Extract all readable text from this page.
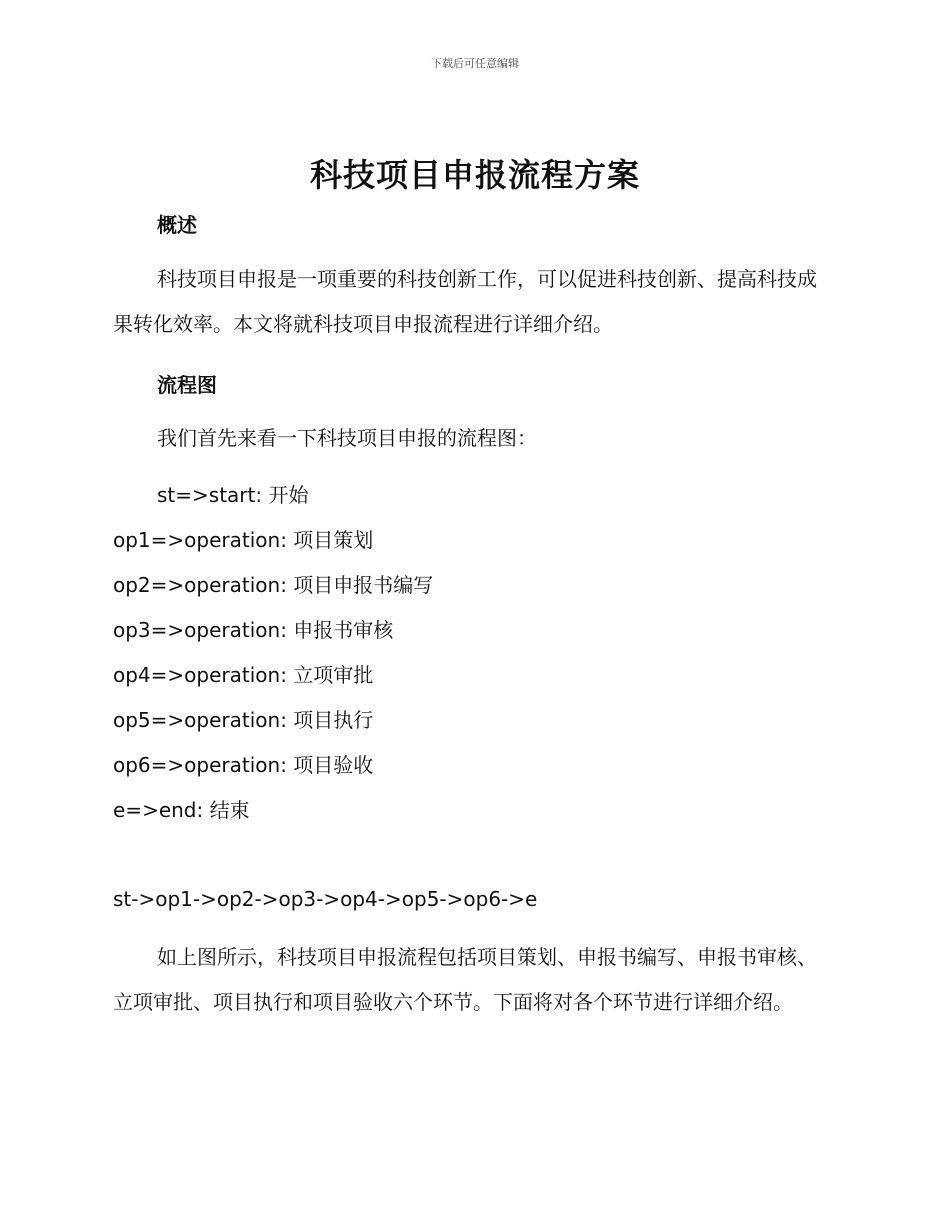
下载后可任意编辑
科技项目申报流程方案
概述

科技项目申报是一项重要的科技创新工作，可以促进科技创新、提高科技成果转化效率。本文将就科技项目申报流程进行详细介绍。

流程图

我们首先来看一下科技项目申报的流程图：

st=>start: 开始
op1=>operation: 项目策划
op2=>operation: 项目申报书编写
op3=>operation: 申报书审核
op4=>operation: 立项审批
op5=>operation: 项目执行
op6=>operation: 项目验收
e=>end: 结束
st->op1->op2->op3->op4->op5->op6->e

如上图所示，科技项目申报流程包括项目策划、申报书编写、申报书审核、立项审批、项目执行和项目验收六个环节。下面将对各个环节进行详细介绍。
